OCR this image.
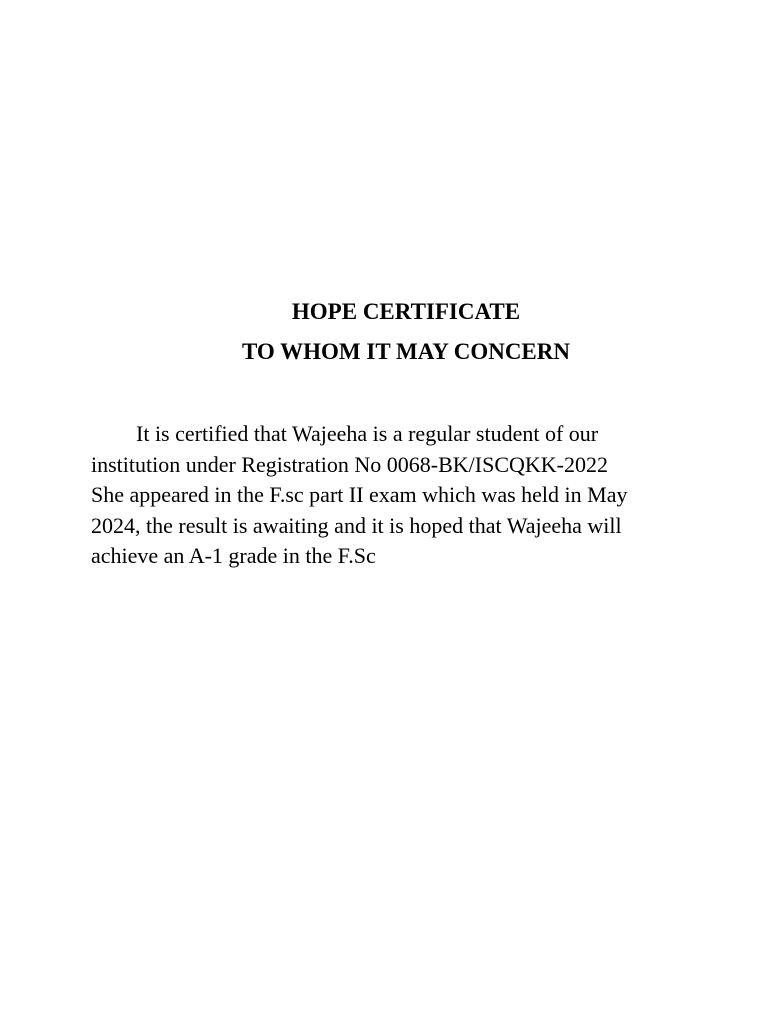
HOPE CERTIFICATE
TO WHOM IT MAY CONCERN

It is certified that Wajeeha is a regular student of our
institution under Registration No 0068-BK/ISCQKK-2022
She appeared in the F.sc part II exam which was held in May
2024, the result is awaiting and it is hoped that Wajeeha will
achieve an A-1 grade in the F.Sc
